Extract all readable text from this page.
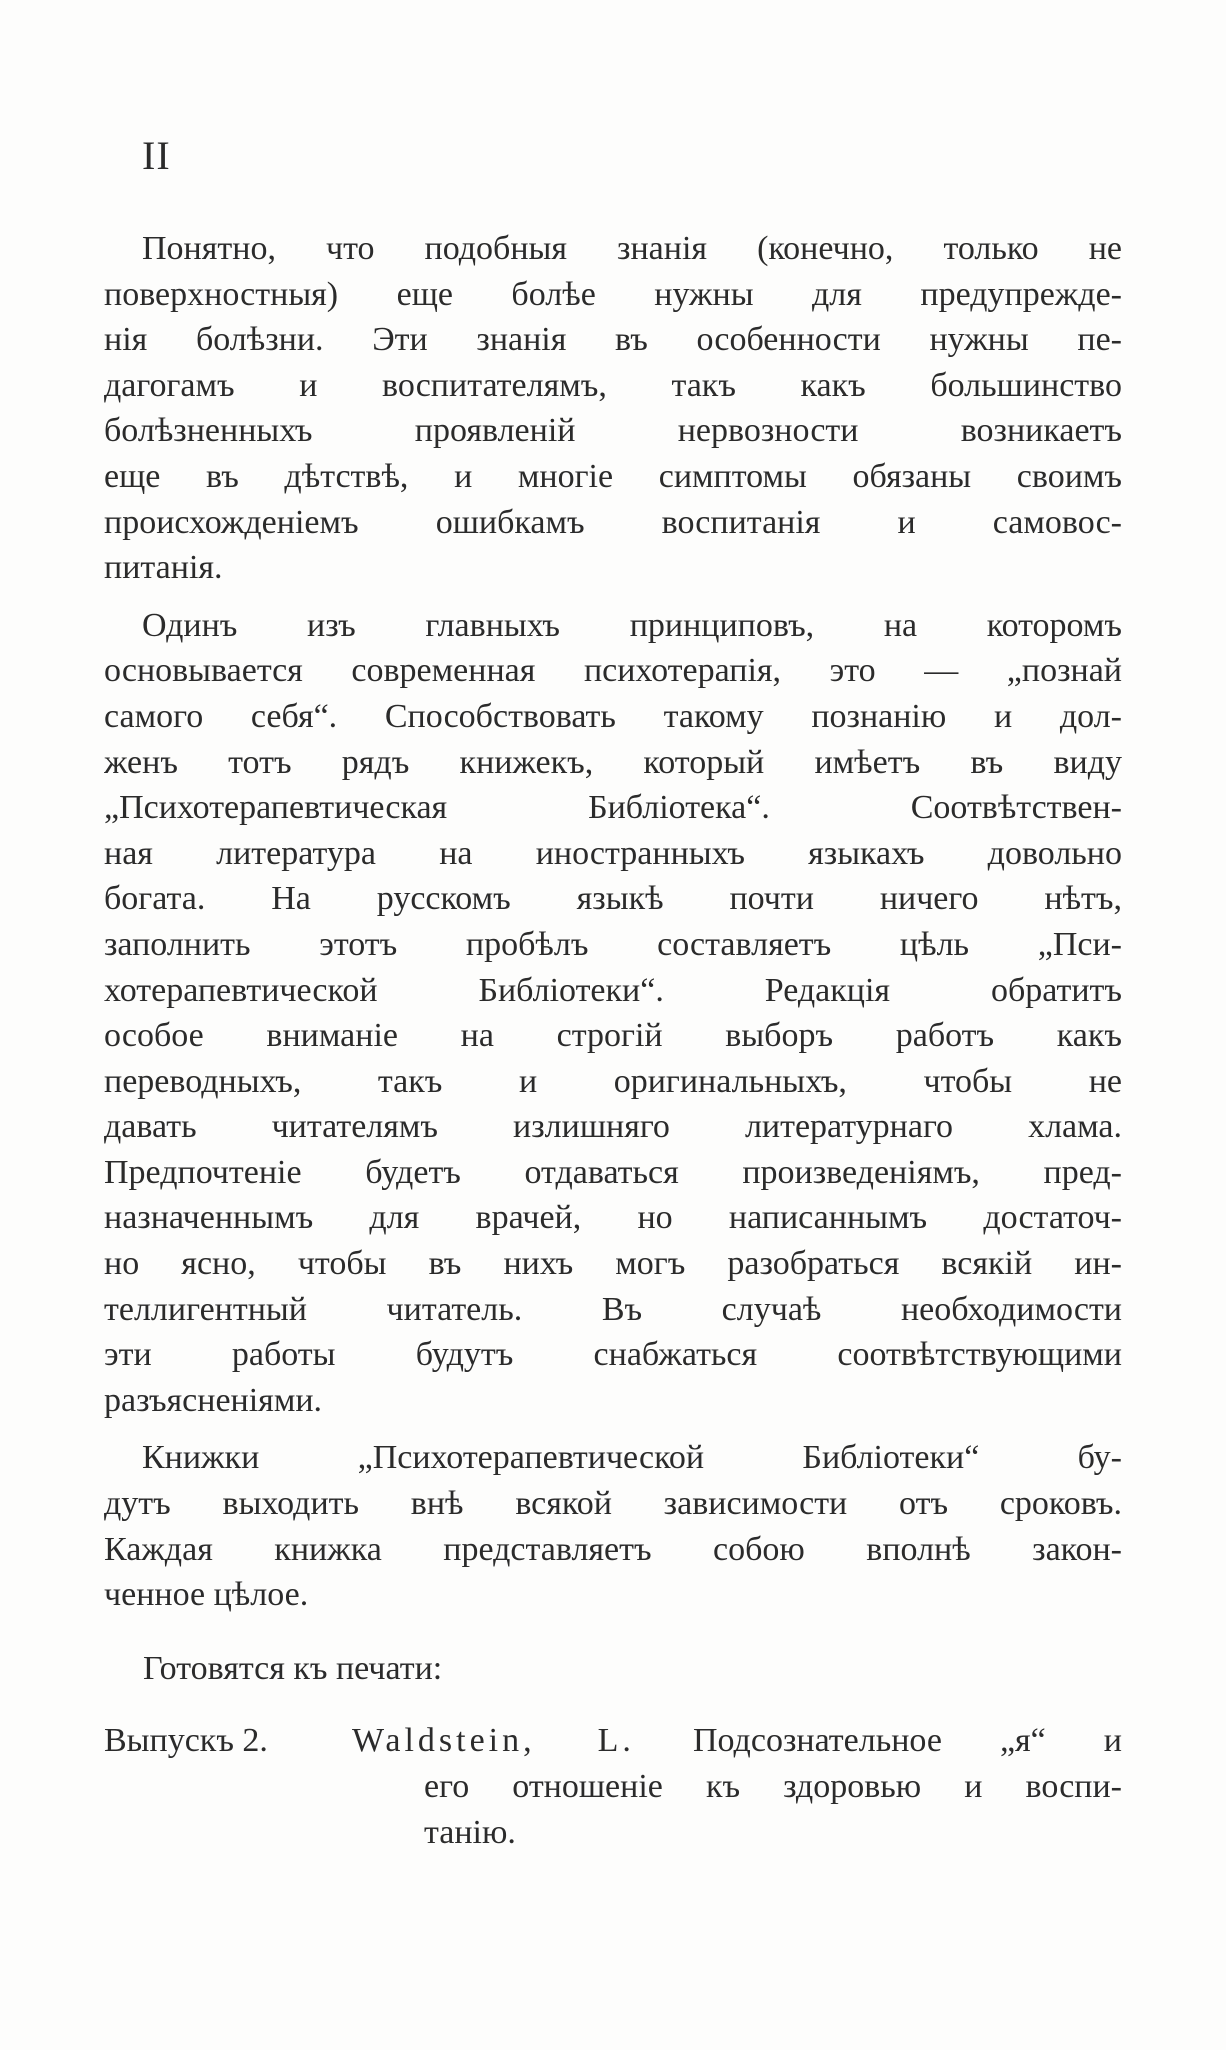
II
Понятно, что подобныя знанія (конечно, только не
поверхностныя) еще болѣе нужны для предупрежде-
нія болѣзни. Эти знанія въ особенности нужны пе-
дагогамъ и воспитателямъ, такъ какъ большинство
болѣзненныхъ проявленій нервозности возникаетъ
еще въ дѣтствѣ, и многіе симптомы обязаны своимъ
происхожденіемъ ошибкамъ воспитанія и самовос-
питанія.
Одинъ изъ главныхъ принциповъ, на которомъ
основывается современная психотерапія, это — „познай
самого себя“. Способствовать такому познанію и дол-
женъ тотъ рядъ книжекъ, который имѣетъ въ виду
„Психотерапевтическая Библіотека“. Соотвѣтствен-
ная литература на иностранныхъ языкахъ довольно
богата. На русскомъ языкѣ почти ничего нѣтъ,
заполнить этотъ пробѣлъ составляетъ цѣль „Пси-
хотерапевтической Библіотеки“. Редакція обратитъ
особое вниманіе на строгій выборъ работъ какъ
переводныхъ, такъ и оригинальныхъ, чтобы не
давать читателямъ излишняго литературнаго хлама.
Предпочтеніе будетъ отдаваться произведеніямъ, пред-
назначеннымъ для врачей, но написаннымъ достаточ-
но ясно, чтобы въ нихъ могъ разобраться всякій ин-
теллигентный читатель. Въ случаѣ необходимости
эти работы будутъ снабжаться соотвѣтствующими
разъясненіями.
Книжки „Психотерапевтической Библіотеки“ бу-
дутъ выходить внѣ всякой зависимости отъ сроковъ.
Каждая книжка представляетъ собою вполнѣ закон-
ченное цѣлое.
Готовятся къ печати:
Выпускъ 2. Waldstein, L. Подсознательное „я“ и
его отношеніе къ здоровью и воспи-
танію.
